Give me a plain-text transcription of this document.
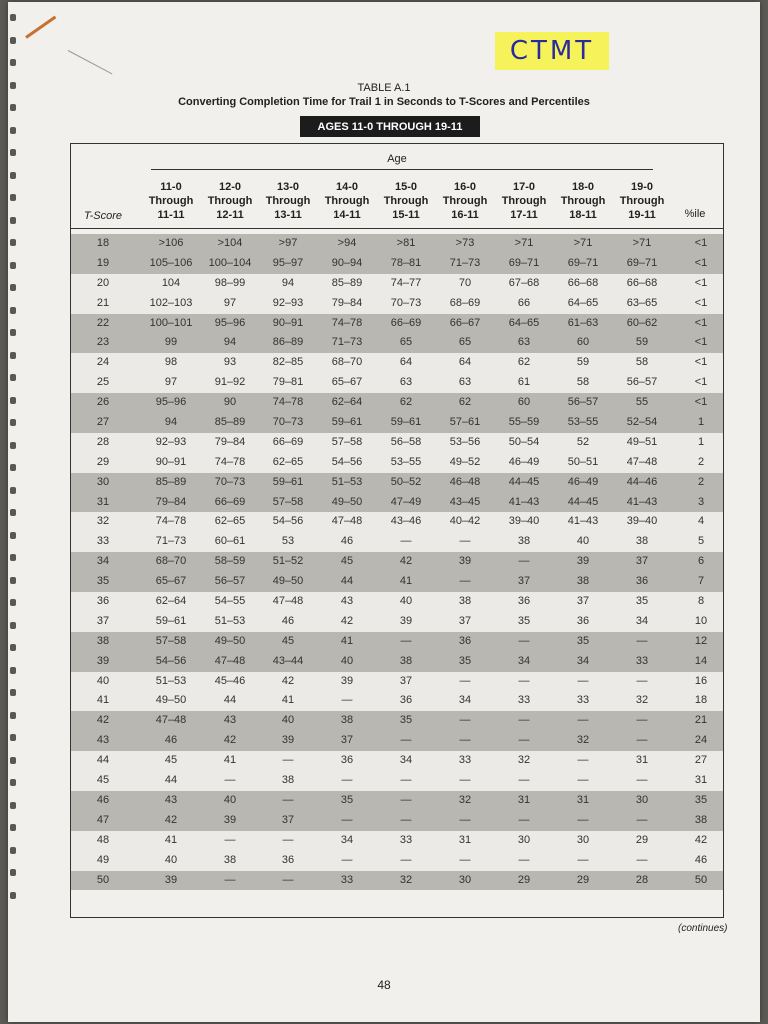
CTMT
TABLE A.1
Converting Completion Time for Trail 1 in Seconds to T-Scores and Percentiles
AGES 11-0 THROUGH 19-11
Age
11-0
Through
11-11
12-0
Through
12-11
13-0
Through
13-11
14-0
Through
14-11
15-0
Through
15-11
16-0
Through
16-11
17-0
Through
17-11
18-0
Through
18-11
19-0
Through
19-11
T-Score	%ile
18	>106	>104	>97	>94	>81	>73	>71	>71	>71	<1
19	105–106	100–104	95–97	90–94	78–81	71–73	69–71	69–71	69–71	<1
20	104	98–99	94	85–89	74–77	70	67–68	66–68	66–68	<1
21	102–103	97	92–93	79–84	70–73	68–69	66	64–65	63–65	<1
22	100–101	95–96	90–91	74–78	66–69	66–67	64–65	61–63	60–62	<1
23	99	94	86–89	71–73	65	65	63	60	59	<1
24	98	93	82–85	68–70	64	64	62	59	58	<1
25	97	91–92	79–81	65–67	63	63	61	58	56–57	<1
26	95–96	90	74–78	62–64	62	62	60	56–57	55	<1
27	94	85–89	70–73	59–61	59–61	57–61	55–59	53–55	52–54	1
28	92–93	79–84	66–69	57–58	56–58	53–56	50–54	52	49–51	1
29	90–91	74–78	62–65	54–56	53–55	49–52	46–49	50–51	47–48	2
30	85–89	70–73	59–61	51–53	50–52	46–48	44–45	46–49	44–46	2
31	79–84	66–69	57–58	49–50	47–49	43–45	41–43	44–45	41–43	3
32	74–78	62–65	54–56	47–48	43–46	40–42	39–40	41–43	39–40	4
33	71–73	60–61	53	46	—	—	38	40	38	5
34	68–70	58–59	51–52	45	42	39	—	39	37	6
35	65–67	56–57	49–50	44	41	—	37	38	36	7
36	62–64	54–55	47–48	43	40	38	36	37	35	8
37	59–61	51–53	46	42	39	37	35	36	34	10
38	57–58	49–50	45	41	—	36	—	35	—	12
39	54–56	47–48	43–44	40	38	35	34	34	33	14
40	51–53	45–46	42	39	37	—	—	—	—	16
41	49–50	44	41	—	36	34	33	33	32	18
42	47–48	43	40	38	35	—	—	—	—	21
43	46	42	39	37	—	—	—	32	—	24
44	45	41	—	36	34	33	32	—	31	27
45	44	—	38	—	—	—	—	—	—	31
46	43	40	—	35	—	32	31	31	30	35
47	42	39	37	—	—	—	—	—	—	38
48	41	—	—	34	33	31	30	30	29	42
49	40	38	36	—	—	—	—	—	—	46
50	39	—	—	33	32	30	29	29	28	50
(continues)
48
